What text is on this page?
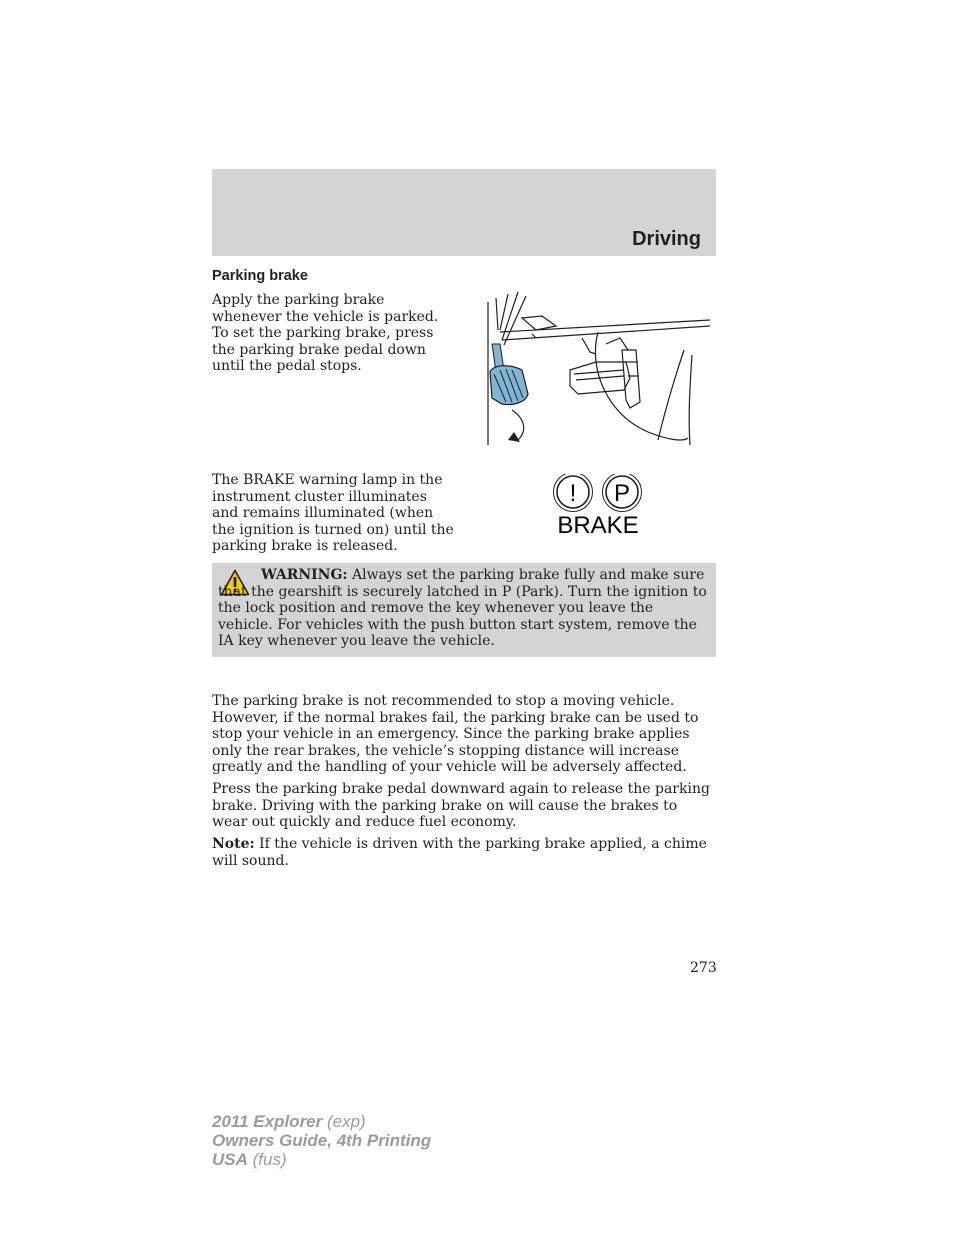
Driving
Parking brake

Apply the parking brake whenever the vehicle is parked. To set the parking brake, press the parking brake pedal down until the pedal stops.

The BRAKE warning lamp in the instrument cluster illuminates and remains illuminated (when the ignition is turned on) until the parking brake is released.

! P
BRAKE

WARNING: Always set the parking brake fully and make sure that the gearshift is securely latched in P (Park). Turn the ignition to the lock position and remove the key whenever you leave the vehicle. For vehicles with the push button start system, remove the IA key whenever you leave the vehicle.

The parking brake is not recommended to stop a moving vehicle. However, if the normal brakes fail, the parking brake can be used to stop your vehicle in an emergency. Since the parking brake applies only the rear brakes, the vehicle’s stopping distance will increase greatly and the handling of your vehicle will be adversely affected.

Press the parking brake pedal downward again to release the parking brake. Driving with the parking brake on will cause the brakes to wear out quickly and reduce fuel economy.

Note: If the vehicle is driven with the parking brake applied, a chime will sound.

273
2011 Explorer (exp)
Owners Guide, 4th Printing
USA (fus)
